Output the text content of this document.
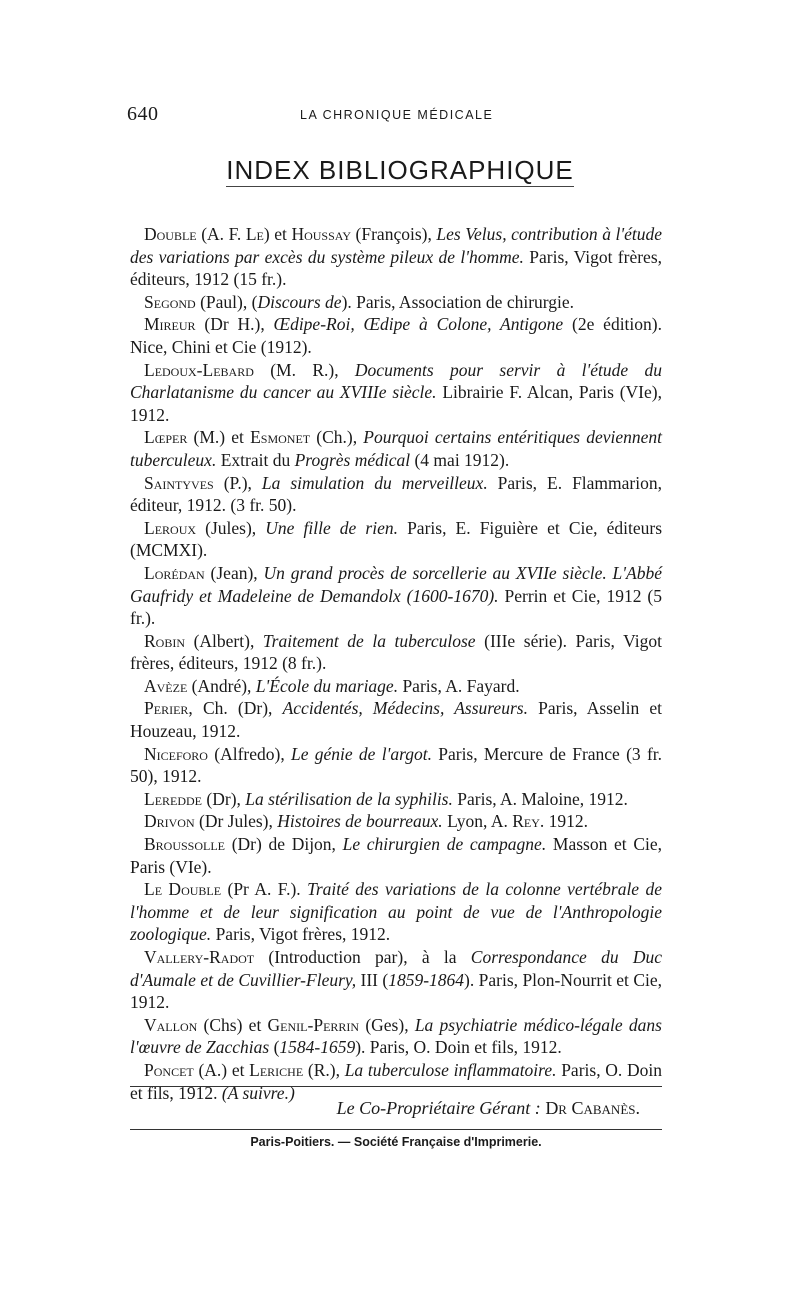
640	LA CHRONIQUE MÉDICALE
INDEX BIBLIOGRAPHIQUE

Double (A. F. Le) et Houssay (François), Les Velus, contribution à l'étude des variations par excès du système pileux de l'homme. Paris, Vigot frères, éditeurs, 1912 (15 fr.).

Segond (Paul), (Discours de). Paris, Association de chirurgie.

Mireur (Dr H.), Œdipe-Roi, Œdipe à Colone, Antigone (2e édition). Nice, Chini et Cie (1912).

Ledoux-Lebard (M. R.), Documents pour servir à l'étude du Charlatanisme du cancer au XVIIIe siècle. Librairie F. Alcan, Paris (VIe), 1912.

Lœper (M.) et Esmonet (Ch.), Pourquoi certains entéritiques deviennent tuberculeux. Extrait du Progrès médical (4 mai 1912).

Saintyves (P.), La simulation du merveilleux. Paris, E. Flammarion, éditeur, 1912. (3 fr. 50).

Leroux (Jules), Une fille de rien. Paris, E. Figuière et Cie, éditeurs (MCMXI).

Lorédan (Jean), Un grand procès de sorcellerie au XVIIe siècle. L'Abbé Gaufridy et Madeleine de Demandolx (1600-1670). Perrin et Cie, 1912 (5 fr.).

Robin (Albert), Traitement de la tuberculose (IIIe série). Paris, Vigot frères, éditeurs, 1912 (8 fr.).

Avèze (André), L'École du mariage. Paris, A. Fayard.

Perier, Ch. (Dr), Accidentés, Médecins, Assureurs. Paris, Asselin et Houzeau, 1912.

Niceforo (Alfredo), Le génie de l'argot. Paris, Mercure de France (3 fr. 50), 1912.

Leredde (Dr), La stérilisation de la syphilis. Paris, A. Maloine, 1912.

Drivon (Dr Jules), Histoires de bourreaux. Lyon, A. Rey. 1912.

Broussolle (Dr) de Dijon, Le chirurgien de campagne. Masson et Cie, Paris (VIe).

Le Double (Pr A. F.). Traité des variations de la colonne vertébrale de l'homme et de leur signification au point de vue de l'Anthropologie zoologique. Paris, Vigot frères, 1912.

Vallery-Radot (Introduction par), à la Correspondance du Duc d'Aumale et de Cuvillier-Fleury, III (1859-1864). Paris, Plon-Nourrit et Cie, 1912.

Vallon (Chs) et Genil-Perrin (Ges), La psychiatrie médico-légale dans l'œuvre de Zacchias (1584-1659). Paris, O. Doin et fils, 1912.

Poncet (A.) et Leriche (R.), La tuberculose inflammatoire. Paris, O. Doin et fils, 1912. (A suivre.)

Le Co-Propriétaire Gérant : Dr Cabanès.
Paris-Poitiers. — Société Française d'Imprimerie.
